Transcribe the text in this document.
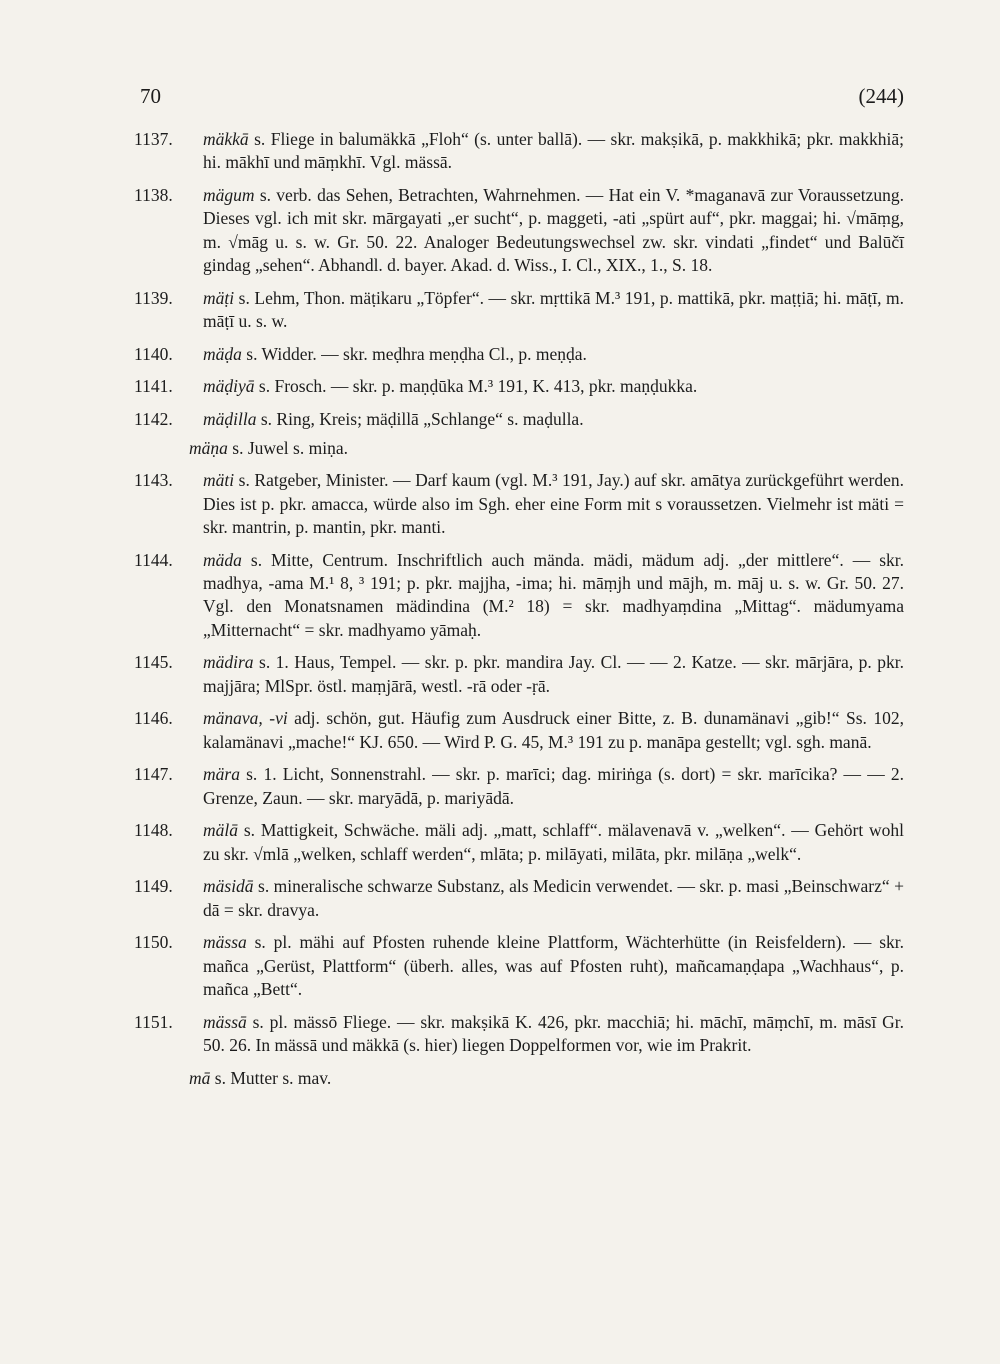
70	(244)
1137. mäkkā s. Fliege in balumäkkā „Floh“ (s. unter ballā). — skr. makṣikā, p. makkhikā; pkr. makkhiā; hi. mākhī und māṃkhī. Vgl. mässā.
1138. mägum s. verb. das Sehen, Betrachten, Wahrnehmen. — Hat ein V. *maganavā zur Voraussetzung. Dieses vgl. ich mit skr. mārgayati „er sucht“, p. maggeti, -ati „spürt auf“, pkr. maggai; hi. √māṃg, m. √māg u. s. w. Gr. 50. 22. Analoger Bedeutungswechsel zw. skr. vindati „findet“ und Balūčī gindag „sehen“. Abhandl. d. bayer. Akad. d. Wiss., I. Cl., XIX., 1., S. 18.
1139. mäṭi s. Lehm, Thon. mäṭikaru „Töpfer“. — skr. mṛttikā M.³ 191, p. mattikā, pkr. maṭṭiā; hi. māṭī, m. māṭī u. s. w.
1140. mäḍa s. Widder. — skr. meḍhra meṇḍha Cl., p. meṇḍa.
1141. mäḍiyā s. Frosch. — skr. p. maṇḍūka M.³ 191, K. 413, pkr. maṇḍukka.
1142. mäḍilla s. Ring, Kreis; mäḍillā „Schlange“ s. maḍulla.
mäṇa s. Juwel s. miṇa.
1143. mäti s. Ratgeber, Minister. — Darf kaum (vgl. M.³ 191, Jay.) auf skr. amātya zurückgeführt werden. Dies ist p. pkr. amacca, würde also im Sgh. eher eine Form mit s voraussetzen. Vielmehr ist mäti = skr. mantrin, p. mantin, pkr. manti.
1144. mäda s. Mitte, Centrum. Inschriftlich auch mända. mädi, mädum adj. „der mittlere“. — skr. madhya, -ama M.¹ 8, ³ 191; p. pkr. majjha, -ima; hi. māṃjh und mājh, m. māj u. s. w. Gr. 50. 27. Vgl. den Monatsnamen mädindina (M.² 18) = skr. madhyaṃdina „Mittag“. mädumyama „Mitternacht“ = skr. madhyamo yāmaḥ.
1145. mädira s. 1. Haus, Tempel. — skr. p. pkr. mandira Jay. Cl. — — 2. Katze. — skr. mārjāra, p. pkr. majjāra; MlSpr. östl. maṃjārā, westl. -rā oder -ṛā.
1146. mänava, -vi adj. schön, gut. Häufig zum Ausdruck einer Bitte, z. B. dunamänavi „gib!“ Ss. 102, kalamänavi „mache!“ KJ. 650. — Wird P. G. 45, M.³ 191 zu p. manāpa gestellt; vgl. sgh. manā.
1147. mära s. 1. Licht, Sonnenstrahl. — skr. p. marīci; dag. miriṅga (s. dort) = skr. marīcika? — — 2. Grenze, Zaun. — skr. maryādā, p. mariyādā.
1148. mälā s. Mattigkeit, Schwäche. mäli adj. „matt, schlaff“. mälavenavā v. „welken“. — Gehört wohl zu skr. √mlā „welken, schlaff werden“, mlāta; p. milāyati, milāta, pkr. milāṇa „welk“.
1149. mäsidā s. mineralische schwarze Substanz, als Medicin verwendet. — skr. p. masi „Beinschwarz“ + dā = skr. dravya.
1150. mässa s. pl. mähi auf Pfosten ruhende kleine Plattform, Wächterhütte (in Reisfeldern). — skr. mañca „Gerüst, Plattform“ (überh. alles, was auf Pfosten ruht), mañcamaṇḍapa „Wachhaus“, p. mañca „Bett“.
1151. mässā s. pl. mässō Fliege. — skr. makṣikā K. 426, pkr. macchiā; hi. māchī, māṃchī, m. māsī Gr. 50. 26. In mässā und mäkkā (s. hier) liegen Doppelformen vor, wie im Prakrit.
mā s. Mutter s. mav.
